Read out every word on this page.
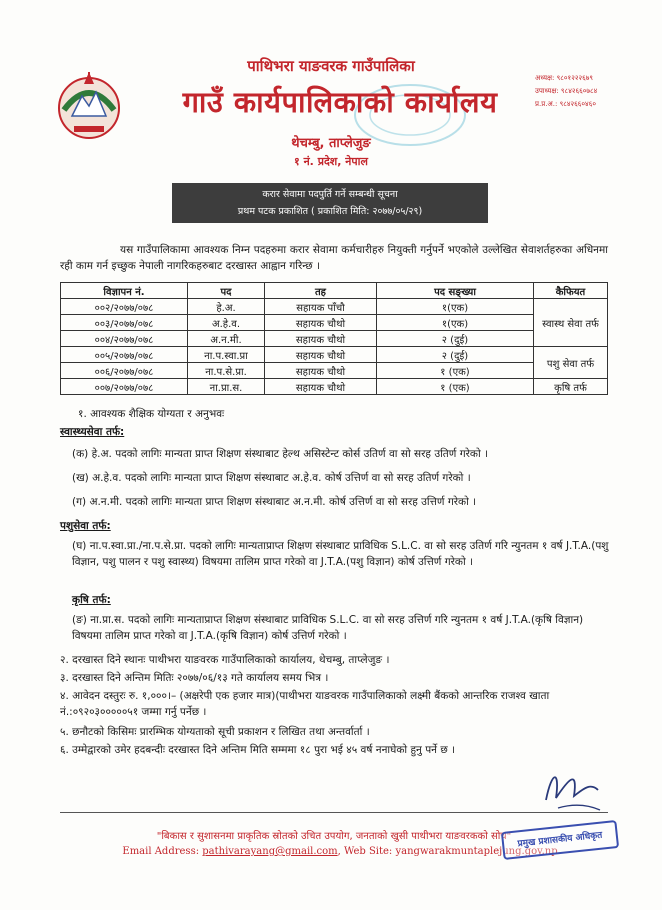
पाथिभरा याङवरक गाउँपालिका
गाउँ कार्यपालिकाको कार्यालय
थेचम्बु, ताप्लेजुङ
१ नं. प्रदेश, नेपाल
अध्यक्ष: ९८०१२२२६७९
उपाध्यक्ष: ९८४२६६०७८४
प्र.प्र.अ.: ९८४२६६०४६०
करार सेवामा पदपुर्ति गर्ने सम्बन्धी सूचना
प्रथम पटक प्रकाशित ( प्रकाशित मिति: २०७७/०५/२९)
यस गाउँपालिकामा आवश्यक निम्न पदहरुमा करार सेवामा कर्मचारीहरु नियुक्ती गर्नुपर्ने भएकोले उल्लेखित सेवाशर्तहरुका अधिनमा रही काम गर्न इच्छुक नेपाली नागरिकहरुबाट दरखास्त आह्वान गरिन्छ ।
विज्ञापन नं.	पद	तह	पद सङ्ख्या	कैफियत
००२/२०७७/०७८	हे.अ.	सहायक पाँचौ	१(एक)	स्वास्थ सेवा तर्फ
००३/२०७७/०७८	अ.हे.व.	सहायक चौथो	१(एक)	
००४/२०७७/०७८	अ.न.मी.	सहायक चौथो	२ (दुई)	
००५/२०७७/०७८	ना.प.स्वा.प्रा	सहायक चौथो	२ (दुई)	पशु सेवा तर्फ
००६/२०७७/०७८	ना.प.से.प्रा.	सहायक चौथो	१ (एक)	
००७/२०७७/०७८	ना.प्रा.स.	सहायक चौथो	१ (एक)	कृषि तर्फ
१. आवश्यक शैक्षिक योग्यता र अनुभवः
स्वास्थ्यसेवा तर्फ:
(क) हे.अ. पदको लागिः मान्यता प्राप्त शिक्षण संस्थाबाट हेल्थ असिस्टेन्ट कोर्स उतिर्ण वा सो सरह उतिर्ण गरेको ।
(ख) अ.हे.व. पदको लागिः मान्यता प्राप्त शिक्षण संस्थाबाट अ.हे.व. कोर्ष उत्तिर्ण वा सो सरह उतिर्ण गरेको ।
(ग) अ.न.मी. पदको लागिः मान्यता प्राप्त शिक्षण संस्थाबाट अ.न.मी. कोर्ष उत्तिर्ण वा सो सरह उत्तिर्ण गरेको ।
पशुसेवा तर्फ:
(घ) ना.प.स्वा.प्रा./ना.प.से.प्रा. पदको लागिः मान्यताप्राप्त शिक्षण संस्थाबाट प्राविधिक S.L.C. वा सो सरह उतिर्ण गरि न्युनतम १ वर्ष J.T.A.(पशु विज्ञान, पशु पालन र पशु स्वास्थ्य) विषयमा तालिम प्राप्त गरेको वा J.T.A.(पशु विज्ञान) कोर्ष उत्तिर्ण गरेको ।
कृषि तर्फ:
(ङ) ना.प्रा.स. पदको लागिः मान्यताप्राप्त शिक्षण संस्थाबाट प्राविधिक S.L.C. वा सो सरह उत्तिर्ण गरि न्युनतम १ वर्ष J.T.A.(कृषि विज्ञान) विषयमा तालिम प्राप्त गरेको वा J.T.A.(कृषि विज्ञान) कोर्ष उत्तिर्ण गरेको ।
२. दरखास्त दिने स्थानः पाथीभरा याङवरक गाउँपालिकाको कार्यालय, थेचम्बु, ताप्लेजुङ ।
३. दरखास्त दिने अन्तिम मितिः २०७७/०६/१३ गते कार्यालय समय भित्र ।
४. आवेदन दस्तुरः रु. १,०००।– (अक्षरेपी एक हजार मात्र)(पाथीभरा याङवरक गाउँपालिकाको लक्ष्मी बैंकको आन्तरिक राजश्व खाता नं.:०९२०३०००००५१ जम्मा गर्नु पर्नेछ ।
५. छनौटको किसिमः प्रारम्भिक योग्यताको सूची प्रकाशन र लिखित तथा अन्तर्वार्ता ।
६. उम्मेद्वारको उमेर हदबन्दीः दरखास्त दिने अन्तिम मिति सम्ममा १८ पुरा भई ४५ वर्ष ननाघेको हुनु पर्ने छ ।
"बिकास र सुशासनमा प्राकृतिक स्रोतको उचित उपयोग, जनताको खुसी पाथीभरा याङवरकको सोच"
Email Address: pathivarayang@gmail.com, Web Site: yangwarakmuntaplejung.gov.np
प्रमुख प्रशासकीय अधिकृत
